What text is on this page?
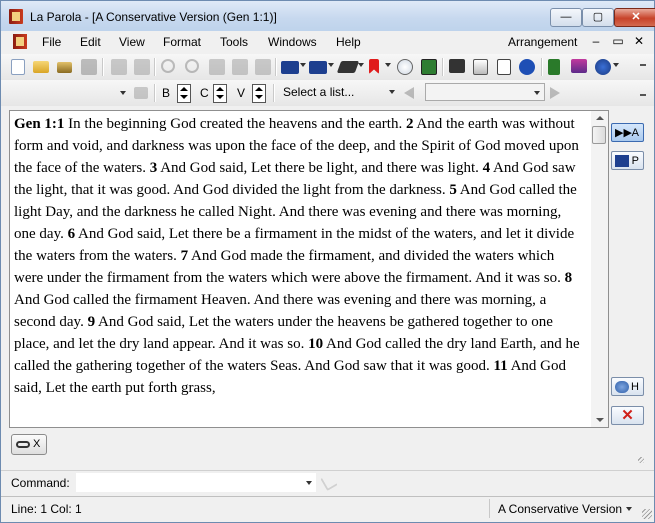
La Parola - [A Conservative Version (Gen 1:1)]	—	▢	✕
File Edit View Format Tools Windows Help	Arrangement	–	▭ ✕
B C V	Select a list...
Gen 1:1 In the beginning God created the heavens and the earth. 2 And the earth was without form and void, and darkness was upon the face of the deep, and the Spirit of God moved upon the face of the waters. 3 And God said, Let there be light, and there was light. 4 And God saw the light, that it was good. And God divided the light from the darkness. 5 And God called the light Day, and the darkness he called Night. And there was evening and there was morning, one day. 6 And God said, Let there be a firmament in the midst of the waters, and let it divide the waters from the waters. 7 And God made the firmament, and divided the waters which were under the firmament from the waters which were above the firmament. And it was so. 8 And God called the firmament Heaven. And there was evening and there was morning, a second day. 9 And God said, Let the waters under the heavens be gathered together to one place, and let the dry land appear. And it was so. 10 And God called the dry land Earth, and he called the gathering together of the waters Seas. And God saw that it was good. 11 And God said, Let the earth put forth grass,
▶▶ A
P
H
✕
X
Command:
Line: 1 Col: 1	A Conservative Version
